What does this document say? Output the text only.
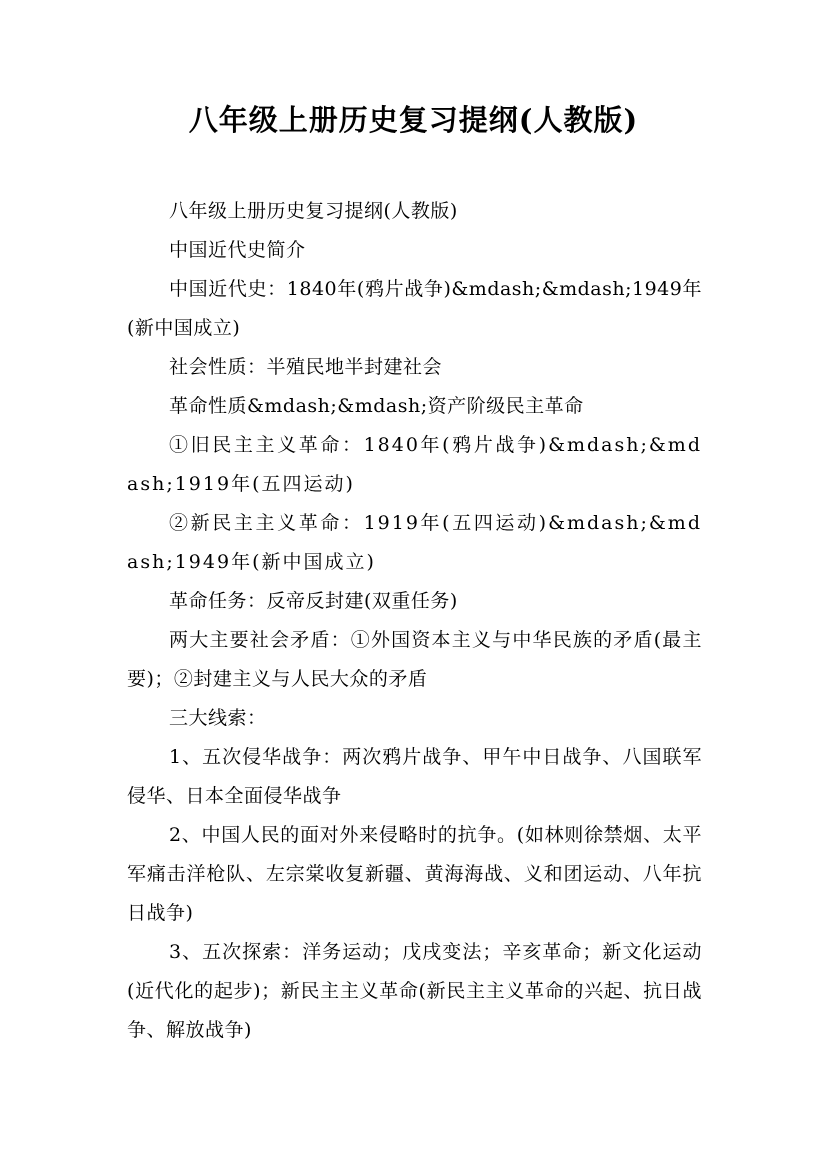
八年级上册历史复习提纲(人教版)

八年级上册历史复习提纲(人教版)

中国近代史简介

中国近代史：1840年(鸦片战争)&mdash;&mdash;1949年(新中国成立)

社会性质：半殖民地半封建社会

革命性质&mdash;&mdash;资产阶级民主革命

①旧民主主义革命：1840年(鸦片战争)&mdash;&mdash;1919年(五四运动)

②新民主主义革命：1919年(五四运动)&mdash;&mdash;1949年(新中国成立)

革命任务：反帝反封建(双重任务)

两大主要社会矛盾：①外国资本主义与中华民族的矛盾(最主要)；②封建主义与人民大众的矛盾

三大线索：

1、五次侵华战争：两次鸦片战争、甲午中日战争、八国联军侵华、日本全面侵华战争

2、中国人民的面对外来侵略时的抗争。(如林则徐禁烟、太平军痛击洋枪队、左宗棠收复新疆、黄海海战、义和团运动、八年抗日战争)

3、五次探索：洋务运动；戊戌变法；辛亥革命；新文化运动(近代化的起步)；新民主主义革命(新民主主义革命的兴起、抗日战争、解放战争)
